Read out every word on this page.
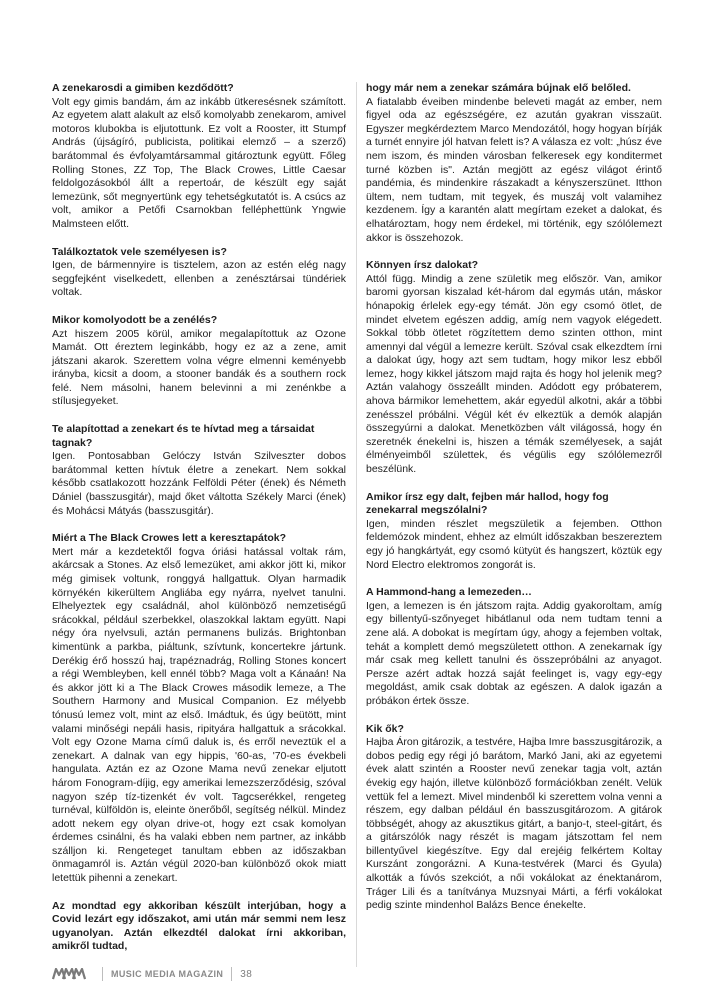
A zenekarosdi a gimiben kezdődött?

Volt egy gimis bandám, ám az inkább ütkeresésnek számított. Az egyetem alatt alakult az első komolyabb zenekarom, amivel motoros klubokba is eljutottunk. Ez volt a Rooster, itt Stumpf András (újságíró, publicista, politikai elemző – a szerző) barátommal és évfolyamtársammal gitároztunk együtt. Főleg Rolling Stones, ZZ Top, The Black Crowes, Little Caesar feldolgozásokból állt a repertoár, de készült egy saját lemezünk, sőt megnyertünk egy tehetségkutatót is. A csúcs az volt, amikor a Petőfi Csarnokban felléphettünk Yngwie Malmsteen előtt.

Találkoztatok vele személyesen is?

Igen, de bármennyire is tisztelem, azon az estén elég nagy seggfejként viselkedett, ellenben a zenésztársai tündériek voltak.

Mikor komolyodott be a zenélés?

Azt hiszem 2005 körül, amikor megalapítottuk az Ozone Mamát. Ott éreztem leginkább, hogy ez az a zene, amit játszani akarok. Szerettem volna végre elmenni keményebb irányba, kicsit a doom, a stooner bandák és a southern rock felé. Nem másolni, hanem belevinni a mi zenénkbe a stílusjegyeket.

Te alapítottad a zenekart és te hívtad meg a társaidat tagnak?

Igen. Pontosabban Gelóczy István Szilveszter dobos barátommal ketten hívtuk életre a zenekart. Nem sokkal később csatlakozott hozzánk Felföldi Péter (ének) és Németh Dániel (basszusgitár), majd őket váltotta Székely Marci (ének) és Mohácsi Mátyás (basszusgitár).

Miért a The Black Crowes lett a keresztapátok?

Mert már a kezdetektől fogva óriási hatással voltak rám, akárcsak a Stones. Az első lemezüket, ami akkor jött ki, mikor még gimisek voltunk, ronggyá hallgattuk. Olyan harmadik környékén kikerültem Angliába egy nyárra, nyelvet tanulni. Elhelyeztek egy családnál, ahol különböző nemzetiségű srácokkal, például szerbekkel, olaszokkal laktam együtt. Napi négy óra nyelvsuli, aztán permanens bulizás. Brightonban kimentünk a parkba, piáltunk, szívtunk, koncertekre jártunk. Derékig érő hosszú haj, trapéznadrág, Rolling Stones koncert a régi Wembleyben, kell ennél több? Maga volt a Kánaán! Na és akkor jött ki a The Black Crowes második lemeze, a The Southern Harmony and Musical Companion. Ez mélyebb tónusú lemez volt, mint az első. Imádtuk, és úgy beütött, mint valami minőségi nepáli hasis, ripityára hallgattuk a srácokkal. Volt egy Ozone Mama című daluk is, és erről neveztük el a zenekart. A dalnak van egy hippis, '60-as, '70-es évekbeli hangulata. Aztán ez az Ozone Mama nevű zenekar eljutott három Fonogram-díjig, egy amerikai lemezszerződésig, szóval nagyon szép tíz-tizenkét év volt. Tagcserékkel, rengeteg turnéval, külföldön is, eleinte önerőből, segítség nélkül. Mindez adott nekem egy olyan drive-ot, hogy ezt csak komolyan érdemes csinálni, és ha valaki ebben nem partner, az inkább szálljon ki. Rengeteget tanultam ebben az időszakban önmagamról is. Aztán végül 2020-ban különböző okok miatt letettük pihenni a zenekart.

Az mondtad egy akkoriban készült interjúban, hogy a Covid lezárt egy időszakot, ami után már semmi nem lesz ugyanolyan. Aztán elkezdtél dalokat írni akkoriban, amikről tudtad,

hogy már nem a zenekar számára bújnak elő belőled.

A fiatalabb éveiben mindenbe beleveti magát az ember, nem figyel oda az egészségére, ez azután gyakran visszaüt. Egyszer megkérdeztem Marco Mendozától, hogy hogyan bírják a turnét ennyire jól hatvan felett is? A válasza ez volt: „húsz éve nem iszom, és minden városban felkeresek egy konditermet turné közben is". Aztán megjött az egész világot érintő pandémia, és mindenkire rászakadt a kényszerszünet. Itthon ültem, nem tudtam, mit tegyek, és muszáj volt valamihez kezdenem. Így a karantén alatt megírtam ezeket a dalokat, és elhatároztam, hogy nem érdekel, mi történik, egy szólólemezt akkor is összehozok.

Könnyen írsz dalokat?

Attól függ. Mindig a zene születik meg először. Van, amikor baromi gyorsan kiszalad két-három dal egymás után, máskor hónapokig érlelek egy-egy témát. Jön egy csomó ötlet, de mindet elvetem egészen addig, amíg nem vagyok elégedett. Sokkal több ötletet rögzítettem demo szinten otthon, mint amennyi dal végül a lemezre került. Szóval csak elkezdtem írni a dalokat úgy, hogy azt sem tudtam, hogy mikor lesz ebből lemez, hogy kikkel játszom majd rajta és hogy hol jelenik meg? Aztán valahogy összeállt minden. Adódott egy próbaterem, ahova bármikor lemehettem, akár egyedül alkotni, akár a többi zenésszel próbálni. Végül két év elkeztük a demók alapján összegyúrni a dalokat. Menetközben vált világossá, hogy én szeretnék énekelni is, hiszen a témák személyesek, a saját élményeimből születtek, és végülis egy szólólemezről beszélünk.

Amikor írsz egy dalt, fejben már hallod, hogy fog zenekarral megszólalni?

Igen, minden részlet megszületik a fejemben. Otthon feldemózok mindent, ehhez az elmúlt időszakban beszereztem egy jó hangkártyát, egy csomó kütyüt és hangszert, köztük egy Nord Electro elektromos zongorát is.

A Hammond-hang a lemezeden…

Igen, a lemezen is én játszom rajta. Addig gyakoroltam, amíg egy billentyű-szőnyeget hibátlanul oda nem tudtam tenni a zene alá. A dobokat is megírtam úgy, ahogy a fejemben voltak, tehát a komplett demó megszületett otthon. A zenekarnak így már csak meg kellett tanulni és összepróbálni az anyagot. Persze azért adtak hozzá saját feelinget is, vagy egy-egy megoldást, amik csak dobtak az egészen. A dalok igazán a próbákon értek össze.

Kik ők?

Hajba Áron gitározik, a testvére, Hajba Imre basszusgitározik, a dobos pedig egy régi jó barátom, Markó Jani, aki az egyetemi évek alatt szintén a Rooster nevű zenekar tagja volt, aztán évekig egy hajón, illetve különböző formációkban zenélt. Velük vettük fel a lemezt. Mivel mindenből ki szerettem volna venni a részem, egy dalban például én basszusgitározom. A gitárok többségét, ahogy az akusztikus gitárt, a banjo-t, steel-gitárt, és a gitárszólók nagy részét is magam játszottam fel nem billentyűvel kiegészítve. Egy dal erejéig felkértem Koltay Kurszánt zongorázni. A Kuna-testvérek (Marci és Gyula) alkották a fúvós szekciót, a női vokálokat az énektanárom, Tráger Lili és a tanítványa Muzsnyai Márti, a férfi vokálokat pedig szinte mindenhol Balázs Bence énekelte.

MUSIC MEDIA MAGAZIN 38
